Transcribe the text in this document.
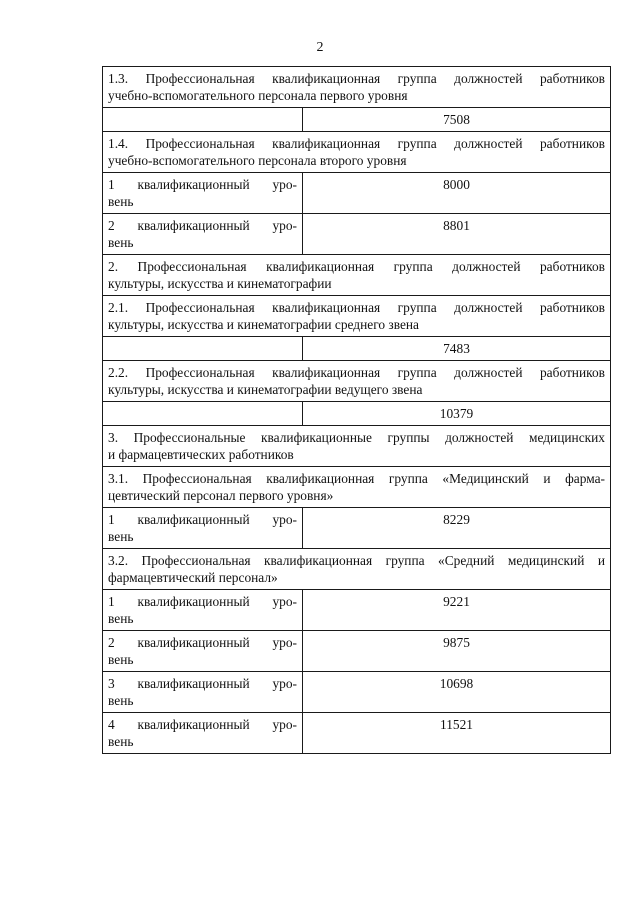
2
1.3. Профессиональная квалификационная группа должностей работников
учебно-вспомогательного персонала первого уровня	
	7508

1.4. Профессиональная квалификационная группа должностей работников
учебно-вспомогательного персонала второго уровня	

1 квалификационный уро-
вень	8000

2 квалификационный уро-
вень	8801

2. Профессиональная квалификационная группа должностей работников
культуры, искусства и кинематографии	

2.1. Профессиональная квалификационная группа должностей работников
культуры, искусства и кинематографии среднего звена	
	7483

2.2. Профессиональная квалификационная группа должностей работников
культуры, искусства и кинематографии ведущего звена	
	10379

3. Профессиональные квалификационные группы должностей медицинских
и фармацевтических работников	

3.1. Профессиональная квалификационная группа «Медицинский и фарма-
цевтический персонал первого уровня»	

1 квалификационный уро-
вень	8229

3.2. Профессиональная квалификационная группа «Средний медицинский и
фармацевтический персонал»	

1 квалификационный уро-
вень	9221

2 квалификационный уро-
вень	9875

3 квалификационный уро-
вень	10698

4 квалификационный уро-
вень	11521
